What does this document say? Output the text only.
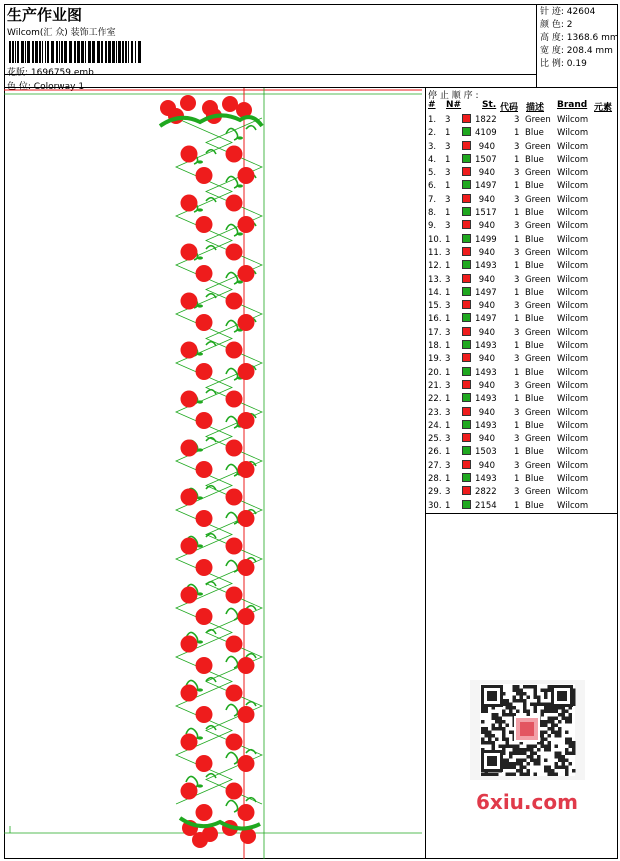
生产作业图
Wilcom(汇 众) 装饰工作室
花版: 1696759.emb
色 位: Colorway 1
针 迹: 42604
颜 色: 2
高 度: 1368.6 mm
宽 度: 208.4 mm
比 例: 0.19
停 止 顺 序 :
# N# St. 代码 描述 Brand 元素
1. 3	1822 3 Green Wilcom
2. 1	4109 1 Blue Wilcom
3. 3	940 3 Green Wilcom
4. 1	1507 1 Blue Wilcom
5. 3	940 3 Green Wilcom
6. 1	1497 1 Blue Wilcom
7. 3	940 3 Green Wilcom
8. 1	1517 1 Blue Wilcom
9. 3	940 3 Green Wilcom
10. 1	1499 1 Blue Wilcom
11. 3	940 3 Green Wilcom
12. 1	1493 1 Blue Wilcom
13. 3	940 3 Green Wilcom
14. 1	1497 1 Blue Wilcom
15. 3	940 3 Green Wilcom
16. 1	1497 1 Blue Wilcom
17. 3	940 3 Green Wilcom
18. 1	1493 1 Blue Wilcom
19. 3	940 3 Green Wilcom
20. 1	1493 1 Blue Wilcom
21. 3	940 3 Green Wilcom
22. 1	1493 1 Blue Wilcom
23. 3	940 3 Green Wilcom
24. 1	1493 1 Blue Wilcom
25. 3	940 3 Green Wilcom
26. 1	1503 1 Blue Wilcom
27. 3	940 3 Green Wilcom
28. 1	1493 1 Blue Wilcom
29. 3	2822 3 Green Wilcom
30. 1	2154 1 Blue Wilcom
6xiu.com
